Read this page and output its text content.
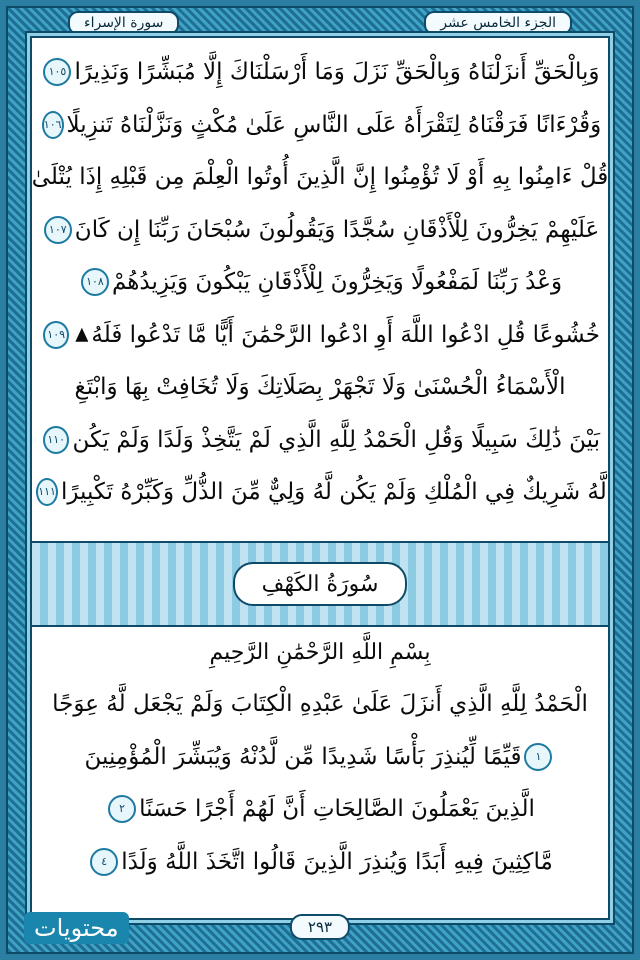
سورة الإسراء	الجزء الخامس عشر
وَبِالْحَقِّ أَنزَلْنَاهُ وَبِالْحَقِّ نَزَلَ وَمَا أَرْسَلْنَاكَ إِلَّا مُبَشِّرًا وَنَذِيرًا
١٠٥
وَقُرْءَانًا فَرَقْنَاهُ لِتَقْرَأَهُ عَلَى النَّاسِ عَلَىٰ مُكْثٍ وَنَزَّلْنَاهُ تَنزِيلًا
١٠٦
قُلْ ءَامِنُوا بِهِ أَوْ لَا تُؤْمِنُوا إِنَّ الَّذِينَ أُوتُوا الْعِلْمَ مِن قَبْلِهِ إِذَا يُتْلَىٰ
عَلَيْهِمْ يَخِرُّونَ لِلْأَذْقَانِ سُجَّدًا وَيَقُولُونَ سُبْحَانَ رَبِّنَا إِن كَانَ
١٠٧
وَعْدُ رَبِّنَا لَمَفْعُولًا وَيَخِرُّونَ لِلْأَذْقَانِ يَبْكُونَ وَيَزِيدُهُمْ
١٠٨
خُشُوعًا قُلِ ادْعُوا اللَّهَ أَوِ ادْعُوا الرَّحْمَٰنَ أَيًّا مَّا تَدْعُوا فَلَهُ
١٠٩
الْأَسْمَاءُ الْحُسْنَىٰ وَلَا تَجْهَرْ بِصَلَاتِكَ وَلَا تُخَافِتْ بِهَا وَابْتَغِ
بَيْنَ ذَٰلِكَ سَبِيلًا وَقُلِ الْحَمْدُ لِلَّهِ الَّذِي لَمْ يَتَّخِذْ وَلَدًا وَلَمْ يَكُن
١١٠
لَّهُ شَرِيكٌ فِي الْمُلْكِ وَلَمْ يَكُن لَّهُ وَلِيٌّ مِّنَ الذُّلِّ وَكَبِّرْهُ تَكْبِيرًا
١١١
سُورَةُ الكَهْفِ
بِسْمِ اللَّهِ الرَّحْمَٰنِ الرَّحِيمِ
الْحَمْدُ لِلَّهِ الَّذِي أَنزَلَ عَلَىٰ عَبْدِهِ الْكِتَابَ وَلَمْ يَجْعَل لَّهُ عِوَجًا
١
قَيِّمًا لِّيُنذِرَ بَأْسًا شَدِيدًا مِّن لَّدُنْهُ وَيُبَشِّرَ الْمُؤْمِنِينَ
الَّذِينَ يَعْمَلُونَ الصَّالِحَاتِ أَنَّ لَهُمْ أَجْرًا حَسَنًا
٢
مَّاكِثِينَ فِيهِ أَبَدًا وَيُنذِرَ الَّذِينَ قَالُوا اتَّخَذَ اللَّهُ وَلَدًا
٤
٢٩٣
محتويات
